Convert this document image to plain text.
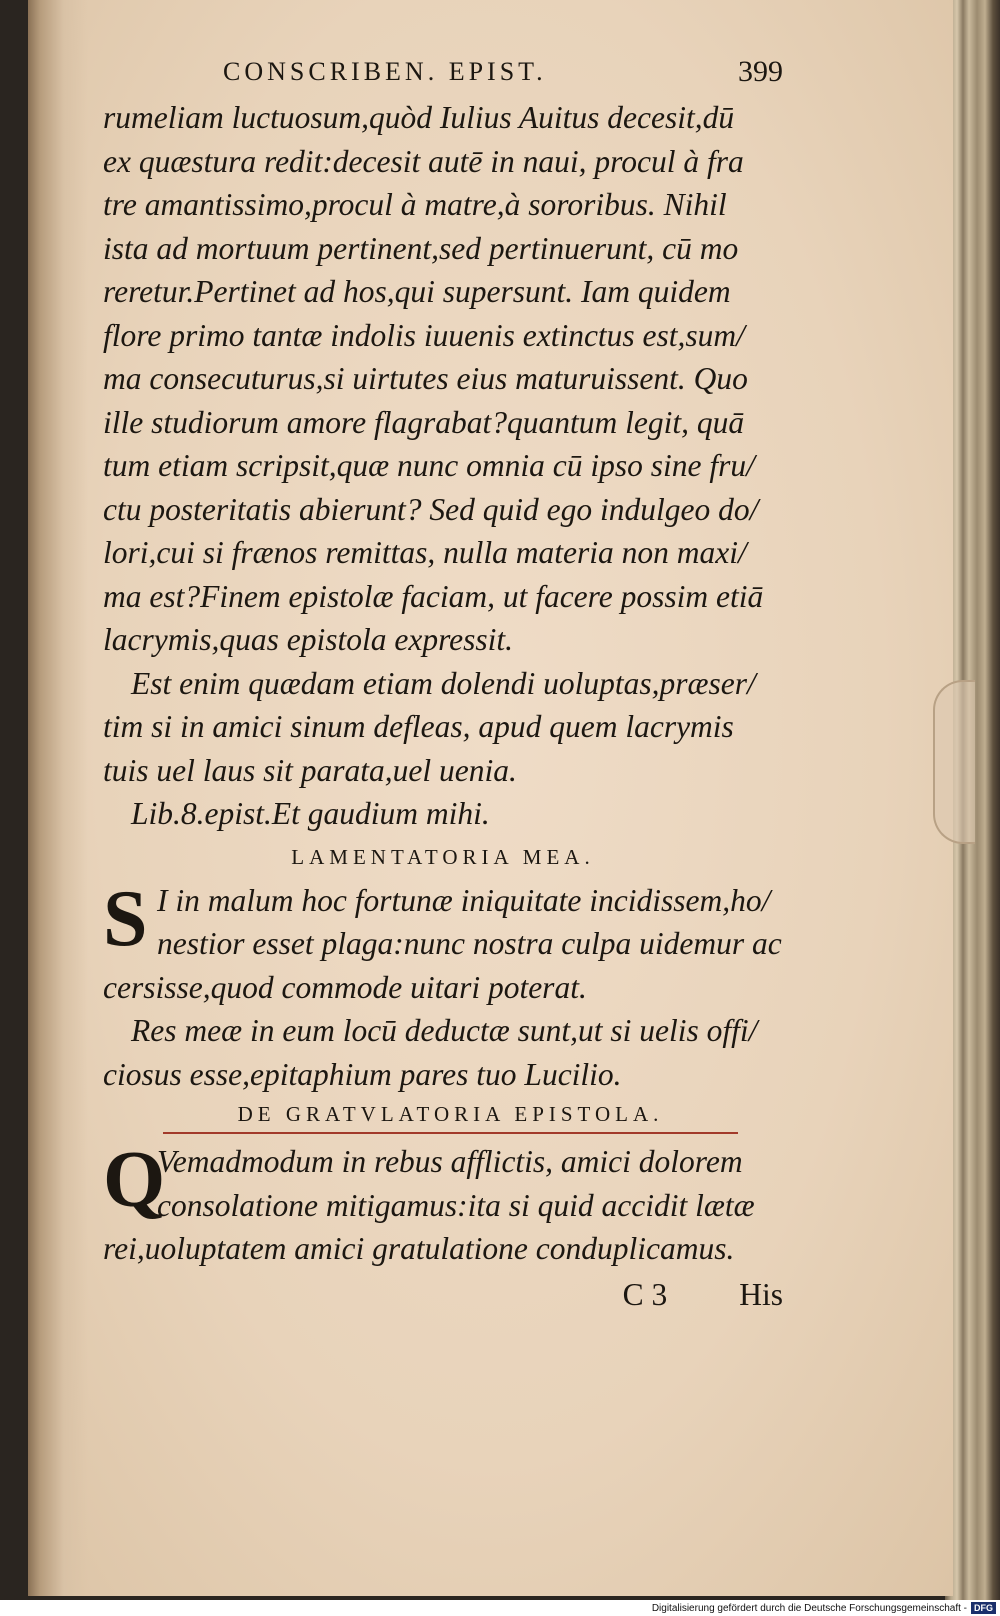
CONSCRIBEN. EPIST.	399
rumeliam luctuosum,quòd Iulius Auitus decesit,dū
ex quæstura redit:decesit autē in naui, procul à fra
tre amantissimo,procul à matre,à sororibus. Nihil
ista ad mortuum pertinent,sed pertinuerunt, cū mo
reretur.Pertinet ad hos,qui supersunt. Iam quidem
flore primo tantæ indolis iuuenis extinctus est,sum/
ma consecuturus,si uirtutes eius maturuissent. Quo
ille studiorum amore flagrabat?quantum legit, quā
tum etiam scripsit,quæ nunc omnia cū ipso sine fru/
ctu posteritatis abierunt? Sed quid ego indulgeo do/
lori,cui si frænos remittas, nulla materia non maxi/
ma est?Finem epistolæ faciam, ut facere possim etiā
lacrymis,quas epistola expressit.
Est enim quædam etiam dolendi uoluptas,præser/
tim si in amici sinum defleas, apud quem lacrymis
tuis uel laus sit parata,uel uenia.
Lib.8.epist.Et gaudium mihi.
LAMENTATORIA MEA.
S I in malum hoc fortunæ iniquitate incidissem,ho/
nestior esset plaga:nunc nostra culpa uidemur ac
cersisse,quod commode uitari poterat.
Res meæ in eum locū deductæ sunt,ut si uelis offi/
ciosus esse,epitaphium pares tuo Lucilio.
DE GRATVLATORIA EPISTOLA.
Q
Vemadmodum in rebus afflictis, amici dolorem
consolatione mitigamus:ita si quid accidit lætæ
rei,uoluptatem amici gratulatione conduplicamus.
C 3 His
Digitalisierung gefördert durch die Deutsche Forschungsgemeinschaft - DFG
